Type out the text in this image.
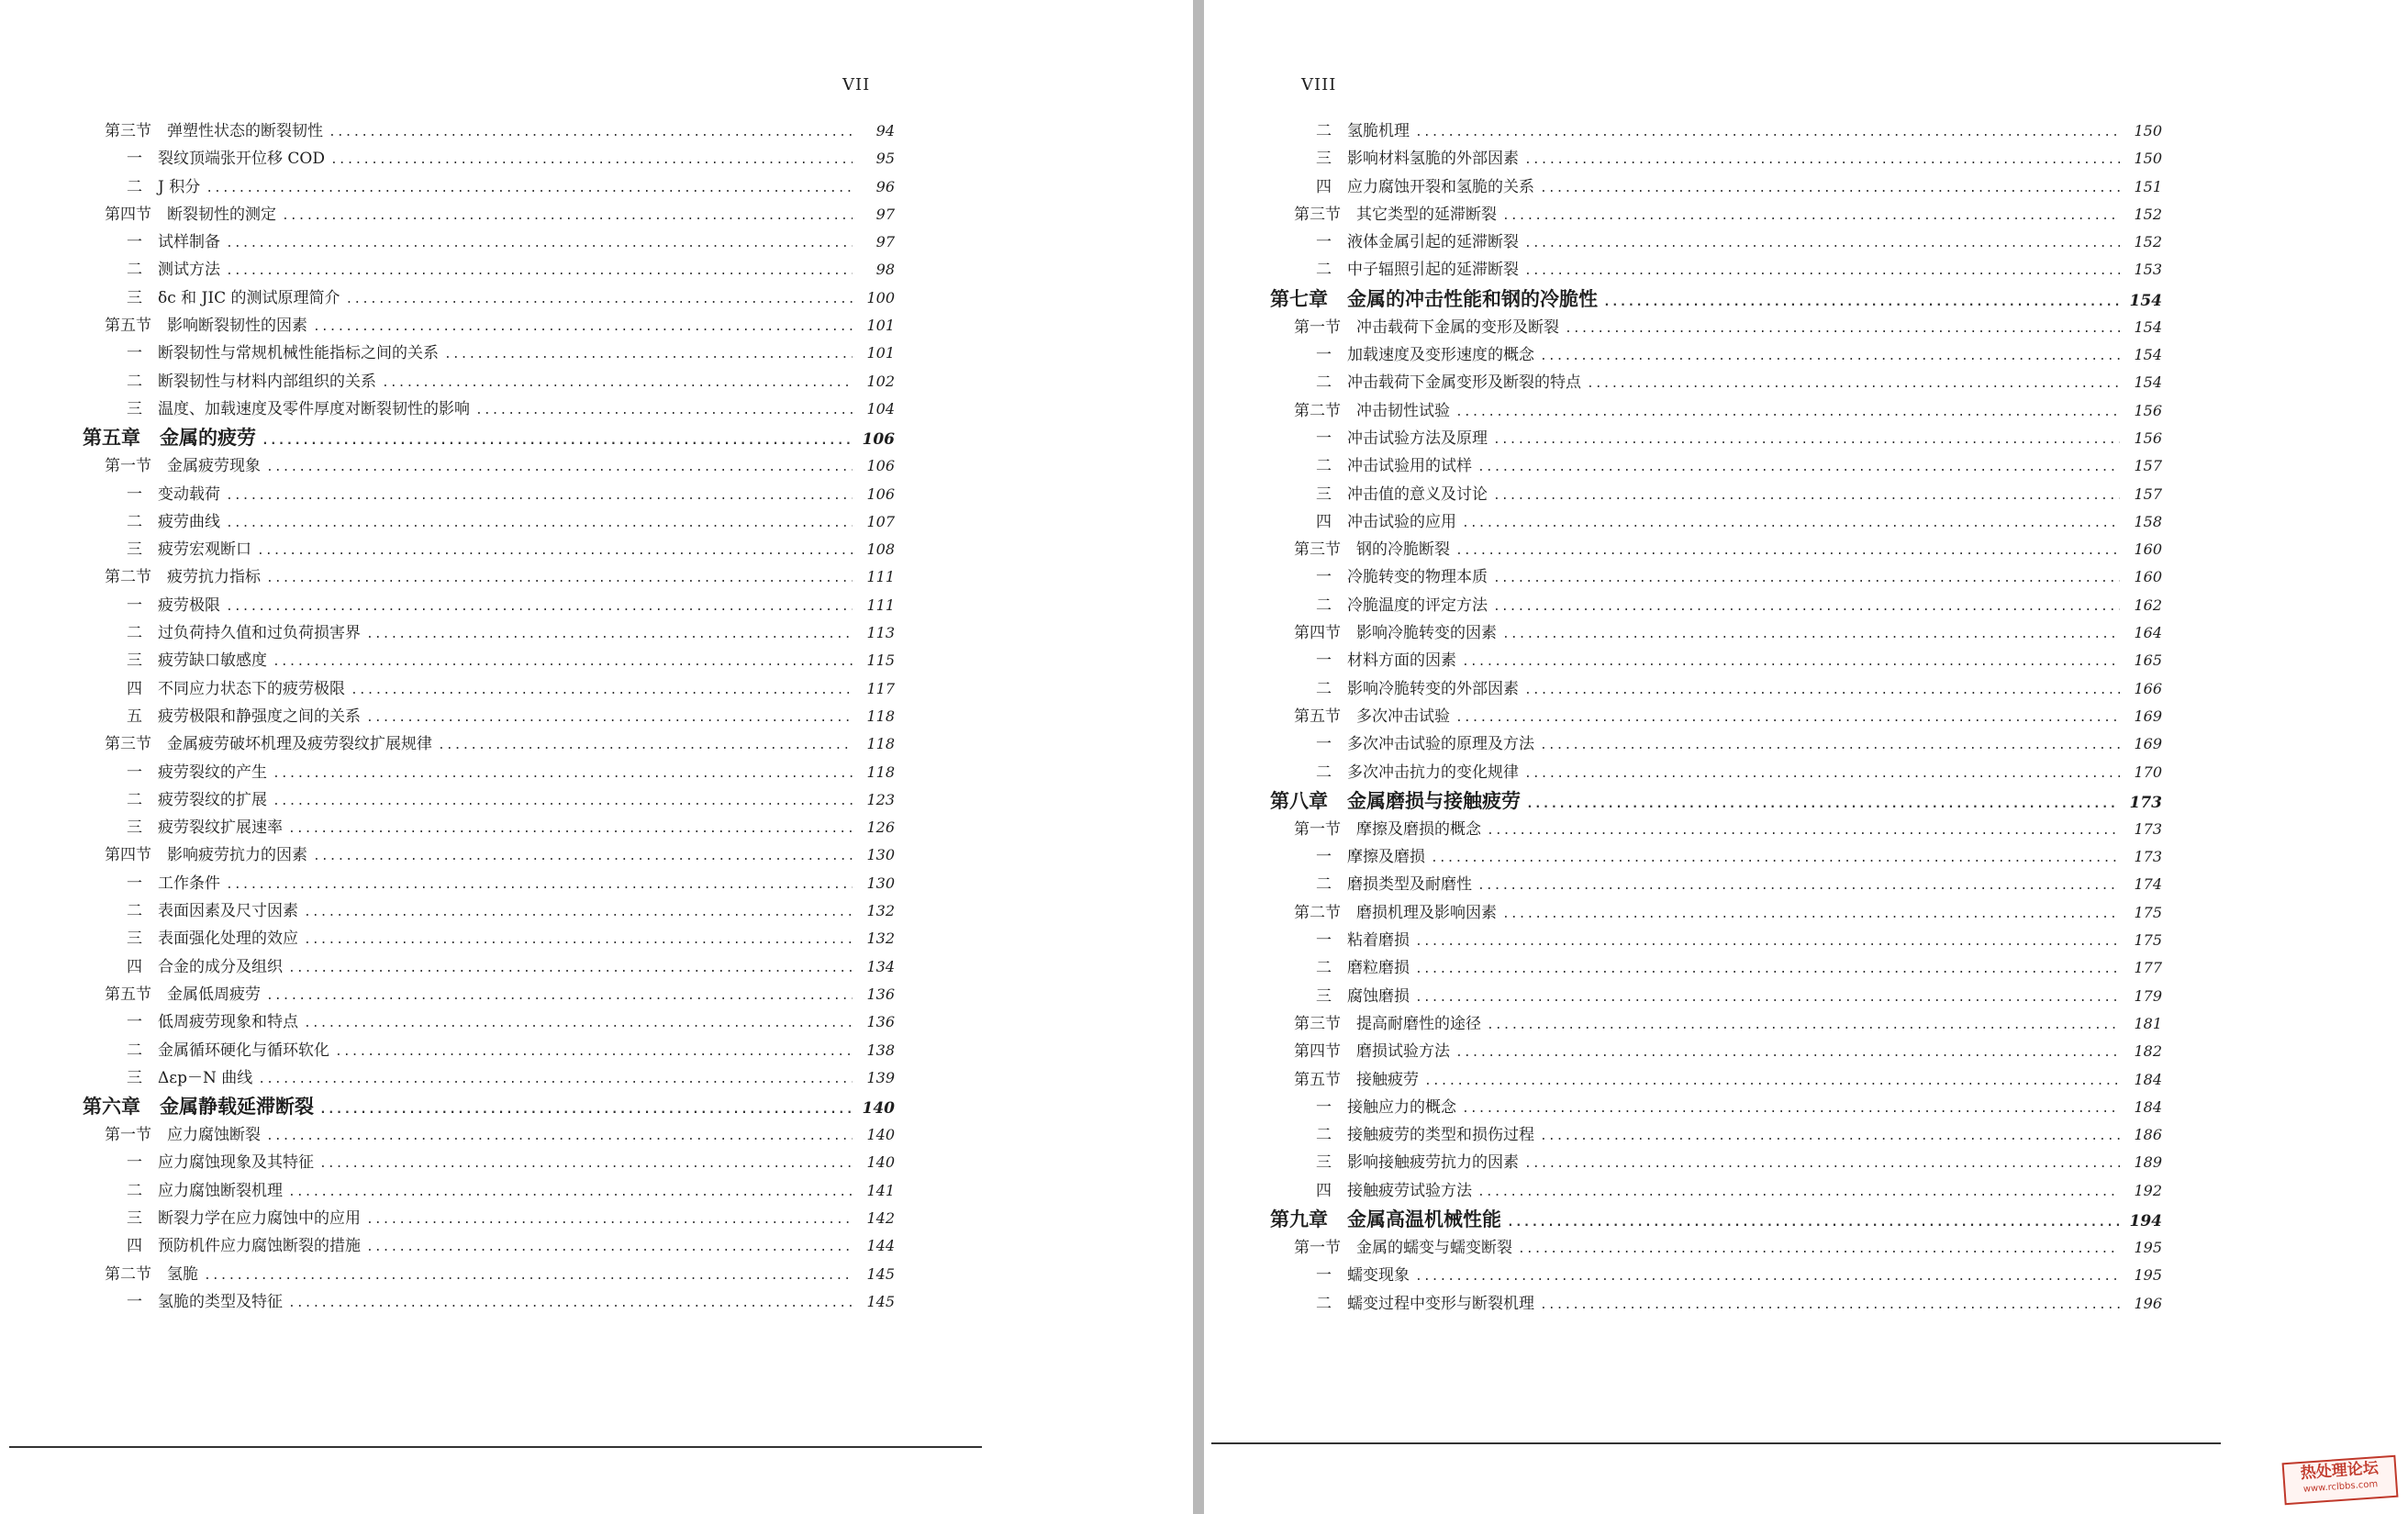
VII
第三节　弹塑性状态的断裂韧性 .....	94
一　裂纹顶端张开位移 COD .....	95
二　J 积分 .....	96
第四节　断裂韧性的测定 .....	97
一　试样制备 .....	97
二　测试方法 .....	98
三　δc 和 JIC 的测试原理简介 .....	100
第五节　影响断裂韧性的因素 .....	101
一　断裂韧性与常规机械性能指标之间的关系 .....	101
二　断裂韧性与材料内部组织的关系 .....	102
三　温度、加载速度及零件厚度对断裂韧性的影响 .....	104
第五章　金属的疲劳 .....	106
第一节　金属疲劳现象 .....	106
一　变动载荷 .....	106
二　疲劳曲线 .....	107
三　疲劳宏观断口 .....	108
第二节　疲劳抗力指标 .....	111
一　疲劳极限 .....	111
二　过负荷持久值和过负荷损害界 .....	113
三　疲劳缺口敏感度 .....	115
四　不同应力状态下的疲劳极限 .....	117
五　疲劳极限和静强度之间的关系 .....	118
第三节　金属疲劳破坏机理及疲劳裂纹扩展规律 .....	118
一　疲劳裂纹的产生 .....	118
二　疲劳裂纹的扩展 .....	123
三　疲劳裂纹扩展速率 .....	126
第四节　影响疲劳抗力的因素 .....	130
一　工作条件 .....	130
二　表面因素及尺寸因素 .....	132
三　表面强化处理的效应 .....	132
四　合金的成分及组织 .....	134
第五节　金属低周疲劳 .....	136
一　低周疲劳现象和特点 .....	136
二　金属循环硬化与循环软化 .....	138
三　Δεp－N 曲线 .....	139
第六章　金属静载延滞断裂 .....	140
第一节　应力腐蚀断裂 .....	140
一　应力腐蚀现象及其特征 .....	140
二　应力腐蚀断裂机理 .....	141
三　断裂力学在应力腐蚀中的应用 .....	142
四　预防机件应力腐蚀断裂的措施 .....	144
第二节　氢脆 .....	145
一　氢脆的类型及特征 .....	145
VIII
二　氢脆机理 .....	150
三　影响材料氢脆的外部因素 .....	150
四　应力腐蚀开裂和氢脆的关系 .....	151
第三节　其它类型的延滞断裂 .....	152
一　液体金属引起的延滞断裂 .....	152
二　中子辐照引起的延滞断裂 .....	153
第七章　金属的冲击性能和钢的冷脆性 .....	154
第一节　冲击载荷下金属的变形及断裂 .....	154
一　加载速度及变形速度的概念 .....	154
二　冲击载荷下金属变形及断裂的特点 .....	154
第二节　冲击韧性试验 .....	156
一　冲击试验方法及原理 .....	156
二　冲击试验用的试样 .....	157
三　冲击值的意义及讨论 .....	157
四　冲击试验的应用 .....	158
第三节　钢的冷脆断裂 .....	160
一　冷脆转变的物理本质 .....	160
二　冷脆温度的评定方法 .....	162
第四节　影响冷脆转变的因素 .....	164
一　材料方面的因素 .....	165
二　影响冷脆转变的外部因素 .....	166
第五节　多次冲击试验 .....	169
一　多次冲击试验的原理及方法 .....	169
二　多次冲击抗力的变化规律 .....	170
第八章　金属磨损与接触疲劳 .....	173
第一节　摩擦及磨损的概念 .....	173
一　摩擦及磨损 .....	173
二　磨损类型及耐磨性 .....	174
第二节　磨损机理及影响因素 .....	175
一　粘着磨损 .....	175
二　磨粒磨损 .....	177
三　腐蚀磨损 .....	179
第三节　提高耐磨性的途径 .....	181
第四节　磨损试验方法 .....	182
第五节　接触疲劳 .....	184
一　接触应力的概念 .....	184
二　接触疲劳的类型和损伤过程 .....	186
三　影响接触疲劳抗力的因素 .....	189
四　接触疲劳试验方法 .....	192
第九章　金属高温机械性能 .....	194
第一节　金属的蠕变与蠕变断裂 .....	195
一　蠕变现象 .....	195
二　蠕变过程中变形与断裂机理 .....	196
热处理论坛
www.rclbbs.com
